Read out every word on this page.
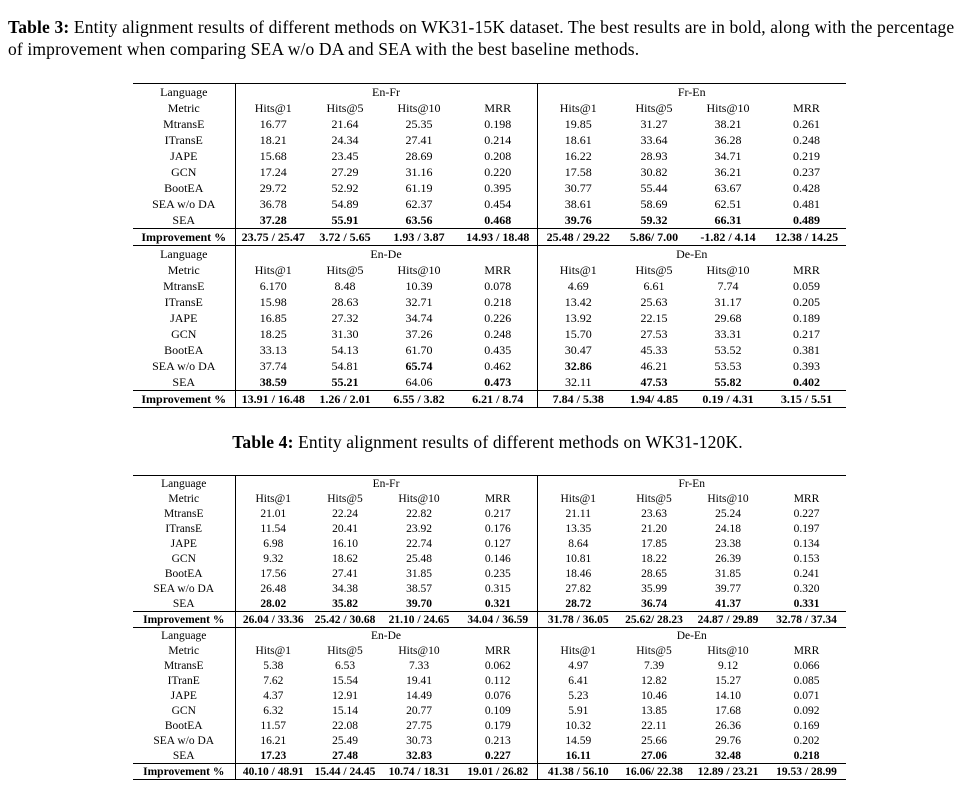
Table 3: Entity alignment results of different methods on WK31-15K dataset. The best results are in bold, along with the percentage of improvement when comparing SEA w/o DA and SEA with the best baseline methods.
Language	En-Fr				Fr-En			
Metric	Hits@1	Hits@5	Hits@10	MRR	Hits@1	Hits@5	Hits@10	MRR
MtransE	16.77	21.64	25.35	0.198	19.85	31.27	38.21	0.261
ITransE	18.21	24.34	27.41	0.214	18.61	33.64	36.28	0.248
JAPE	15.68	23.45	28.69	0.208	16.22	28.93	34.71	0.219
GCN	17.24	27.29	31.16	0.220	17.58	30.82	36.21	0.237
BootEA	29.72	52.92	61.19	0.395	30.77	55.44	63.67	0.428
SEA w/o DA	36.78	54.89	62.37	0.454	38.61	58.69	62.51	0.481
SEA	37.28	55.91	63.56	0.468	39.76	59.32	66.31	0.489
Improvement %	23.75 / 25.47	3.72 / 5.65	1.93 / 3.87	14.93 / 18.48	25.48 / 29.22	5.86/ 7.00	-1.82 / 4.14	12.38 / 14.25
Language	En-De				De-En			
Metric	Hits@1	Hits@5	Hits@10	MRR	Hits@1	Hits@5	Hits@10	MRR
MtransE	6.170	8.48	10.39	0.078	4.69	6.61	7.74	0.059
ITransE	15.98	28.63	32.71	0.218	13.42	25.63	31.17	0.205
JAPE	16.85	27.32	34.74	0.226	13.92	22.15	29.68	0.189
GCN	18.25	31.30	37.26	0.248	15.70	27.53	33.31	0.217
BootEA	33.13	54.13	61.70	0.435	30.47	45.33	53.52	0.381
SEA w/o DA	37.74	54.81	65.74	0.462	32.86	46.21	53.53	0.393
SEA	38.59	55.21	64.06	0.473	32.11	47.53	55.82	0.402
Improvement %	13.91 / 16.48	1.26 / 2.01	6.55 / 3.82	6.21 / 8.74	7.84 / 5.38	1.94/ 4.85	0.19 / 4.31	3.15 / 5.51
Table 4: Entity alignment results of different methods on WK31-120K.
Language	En-Fr				Fr-En			
Metric	Hits@1	Hits@5	Hits@10	MRR	Hits@1	Hits@5	Hits@10	MRR
MtransE	21.01	22.24	22.82	0.217	21.11	23.63	25.24	0.227
ITransE	11.54	20.41	23.92	0.176	13.35	21.20	24.18	0.197
JAPE	6.98	16.10	22.74	0.127	8.64	17.85	23.38	0.134
GCN	9.32	18.62	25.48	0.146	10.81	18.22	26.39	0.153
BootEA	17.56	27.41	31.85	0.235	18.46	28.65	31.85	0.241
SEA w/o DA	26.48	34.38	38.57	0.315	27.82	35.99	39.77	0.320
SEA	28.02	35.82	39.70	0.321	28.72	36.74	41.37	0.331
Improvement %	26.04 / 33.36	25.42 / 30.68	21.10 / 24.65	34.04 / 36.59	31.78 / 36.05	25.62/ 28.23	24.87 / 29.89	32.78 / 37.34
Language	En-De				De-En			
Metric	Hits@1	Hits@5	Hits@10	MRR	Hits@1	Hits@5	Hits@10	MRR
MtransE	5.38	6.53	7.33	0.062	4.97	7.39	9.12	0.066
ITranE	7.62	15.54	19.41	0.112	6.41	12.82	15.27	0.085
JAPE	4.37	12.91	14.49	0.076	5.23	10.46	14.10	0.071
GCN	6.32	15.14	20.77	0.109	5.91	13.85	17.68	0.092
BootEA	11.57	22.08	27.75	0.179	10.32	22.11	26.36	0.169
SEA w/o DA	16.21	25.49	30.73	0.213	14.59	25.66	29.76	0.202
SEA	17.23	27.48	32.83	0.227	16.11	27.06	32.48	0.218
Improvement %	40.10 / 48.91	15.44 / 24.45	10.74 / 18.31	19.01 / 26.82	41.38 / 56.10	16.06/ 22.38	12.89 / 23.21	19.53 / 28.99
